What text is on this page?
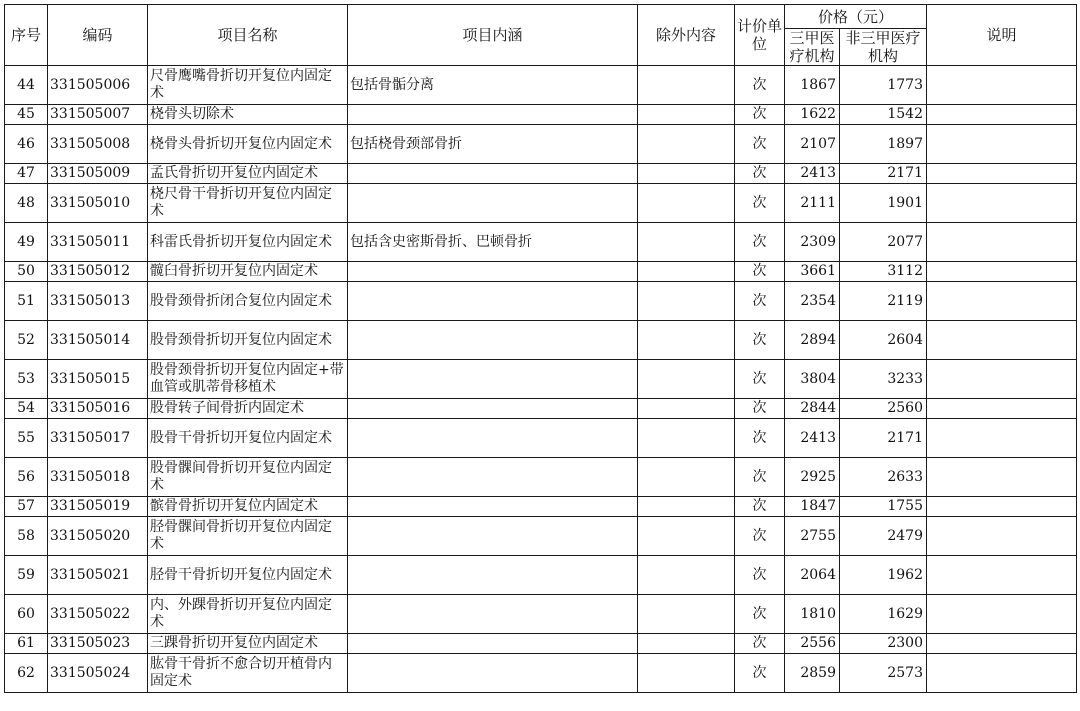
序号	编码	项目名称	项目内涵	除外内容	计价单位	价格（元）		说明
						三甲医疗机构	非三甲医疗机构	
44	331505006	尺骨鹰嘴骨折切开复位内固定术	包括骨骺分离		次	1867	1773	
45	331505007	桡骨头切除术			次	1622	1542	
46	331505008	桡骨头骨折切开复位内固定术	包括桡骨颈部骨折		次	2107	1897	
47	331505009	孟氏骨折切开复位内固定术			次	2413	2171	
48	331505010	桡尺骨干骨折切开复位内固定术			次	2111	1901	
49	331505011	科雷氏骨折切开复位内固定术	包括含史密斯骨折、巴顿骨折		次	2309	2077	
50	331505012	髋臼骨折切开复位内固定术			次	3661	3112	
51	331505013	股骨颈骨折闭合复位内固定术			次	2354	2119	
52	331505014	股骨颈骨折切开复位内固定术			次	2894	2604	
53	331505015	股骨颈骨折切开复位内固定+带血管或肌蒂骨移植术			次	3804	3233	
54	331505016	股骨转子间骨折内固定术			次	2844	2560	
55	331505017	股骨干骨折切开复位内固定术			次	2413	2171	
56	331505018	股骨髁间骨折切开复位内固定术			次	2925	2633	
57	331505019	髌骨骨折切开复位内固定术			次	1847	1755	
58	331505020	胫骨髁间骨折切开复位内固定术			次	2755	2479	
59	331505021	胫骨干骨折切开复位内固定术			次	2064	1962	
60	331505022	内、外踝骨折切开复位内固定术			次	1810	1629	
61	331505023	三踝骨折切开复位内固定术			次	2556	2300	
62	331505024	肱骨干骨折不愈合切开植骨内固定术			次	2859	2573	
